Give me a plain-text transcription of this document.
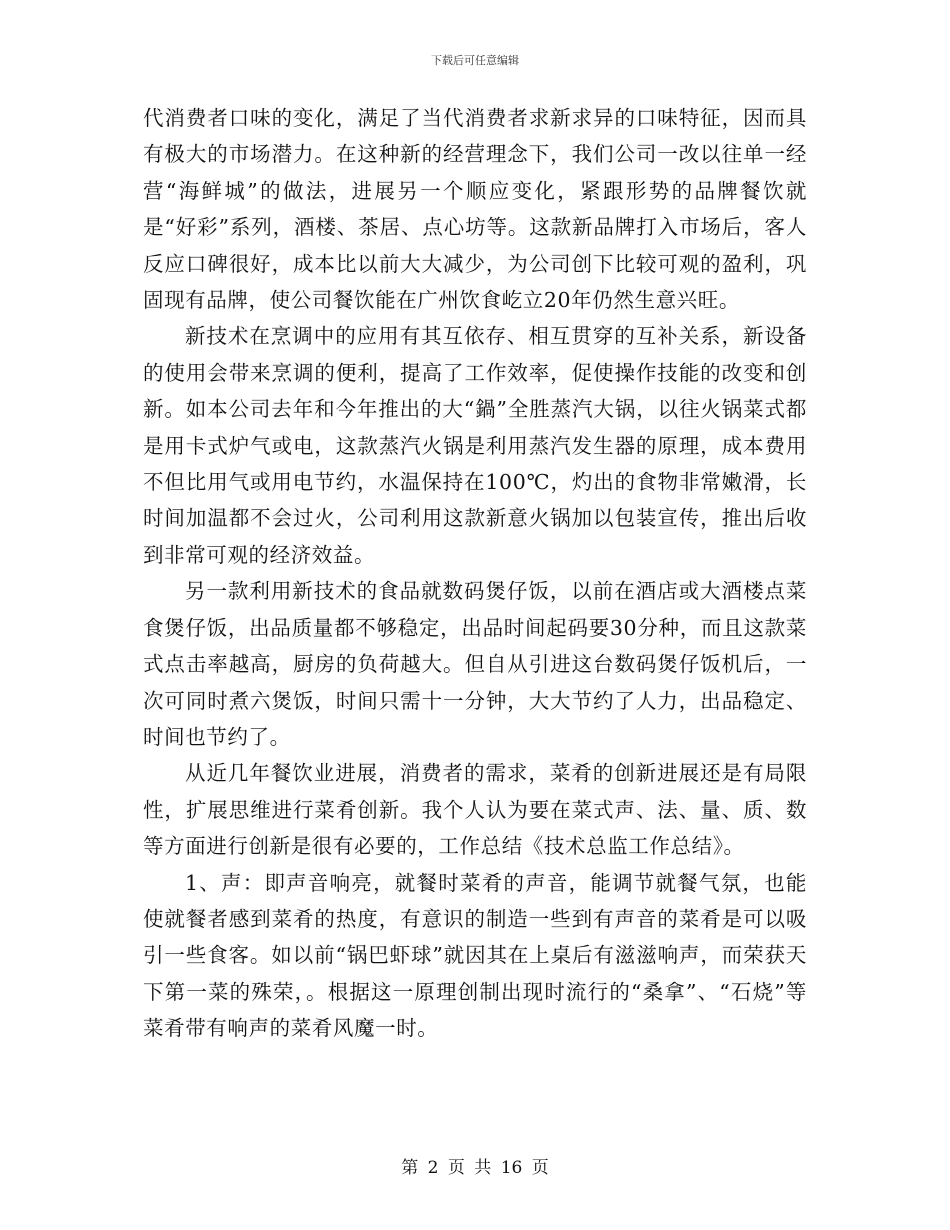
下载后可任意编辑

代消费者口味的变化，满足了当代消费者求新求异的口味特征，因而具有极大的市场潜力。在这种新的经营理念下，我们公司一改以往单一经营“海鲜城”的做法，进展另一个顺应变化，紧跟形势的品牌餐饮就是“好彩”系列，酒楼、茶居、点心坊等。这款新品牌打入市场后，客人反应口碑很好，成本比以前大大减少，为公司创下比较可观的盈利，巩固现有品牌，使公司餐饮能在广州饮食屹立20年仍然生意兴旺。

新技术在烹调中的应用有其互依存、相互贯穿的互补关系，新设备的使用会带来烹调的便利，提高了工作效率，促使操作技能的改变和创新。如本公司去年和今年推出的大“鍋”全胜蒸汽大锅，以往火锅菜式都是用卡式炉气或电，这款蒸汽火锅是利用蒸汽发生器的原理，成本费用不但比用气或用电节约，水温保持在100℃，灼出的食物非常嫩滑，长时间加温都不会过火，公司利用这款新意火锅加以包装宣传，推出后收到非常可观的经济效益。

另一款利用新技术的食品就数码煲仔饭，以前在酒店或大酒楼点菜食煲仔饭，出品质量都不够稳定，出品时间起码要30分种，而且这款菜式点击率越高，厨房的负荷越大。但自从引进这台数码煲仔饭机后，一次可同时煮六煲饭，时间只需十一分钟，大大节约了人力，出品稳定、时间也节约了。

从近几年餐饮业进展，消费者的需求，菜肴的创新进展还是有局限性，扩展思维进行菜肴创新。我个人认为要在菜式声、法、量、质、数等方面进行创新是很有必要的，工作总结《技术总监工作总结》。

1、声：即声音响亮，就餐时菜肴的声音，能调节就餐气氛，也能使就餐者感到菜肴的热度，有意识的制造一些到有声音的菜肴是可以吸引一些食客。如以前“锅巴虾球”就因其在上桌后有滋滋响声，而荣获天下第一菜的殊荣，。根据这一原理创制出现时流行的“桑拿”、“石烧”等菜肴带有响声的菜肴风魔一时。

第 2 页 共 16 页
